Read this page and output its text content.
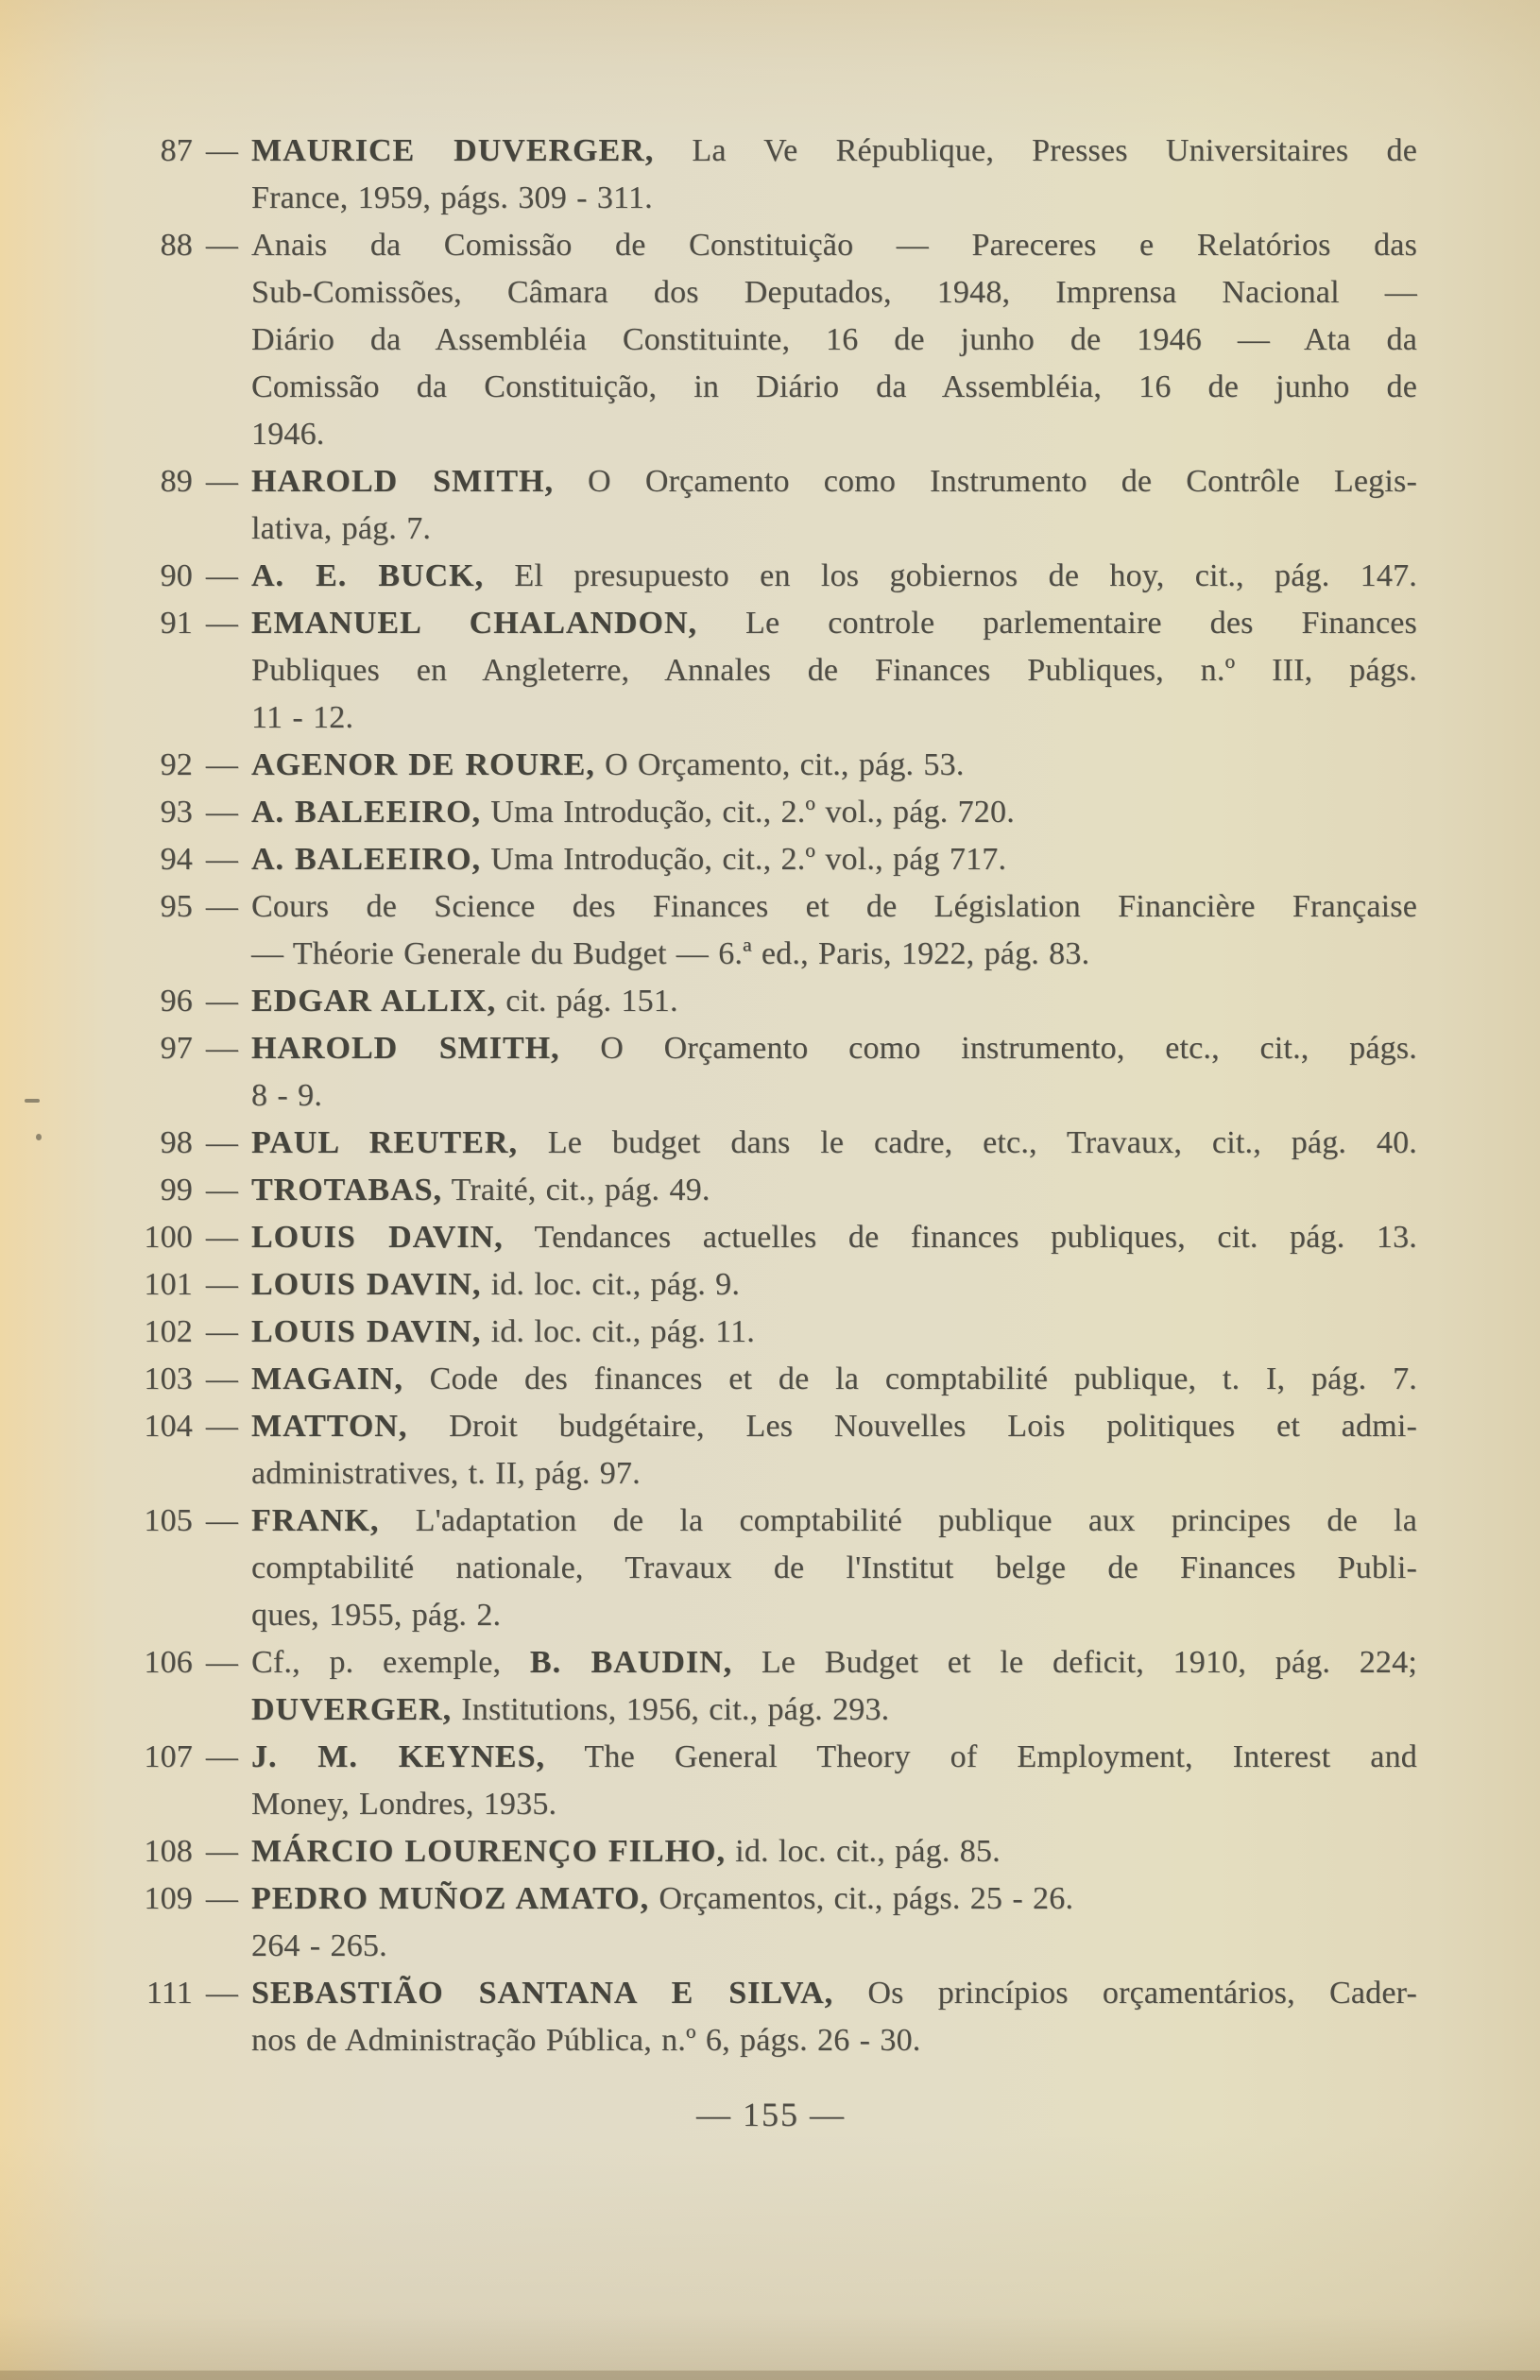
87 — MAURICE DUVERGER, La Ve République, Presses Universitaires de
France, 1959, págs. 309 - 311.
88 — Anais da Comissão de Constituição — Pareceres e Relatórios das
Sub-Comissões, Câmara dos Deputados, 1948, Imprensa Nacional —
Diário da Assembléia Constituinte, 16 de junho de 1946 — Ata da
Comissão da Constituição, in Diário da Assembléia, 16 de junho de
1946.
89 — HAROLD SMITH, O Orçamento como Instrumento de Contrôle Legis-
lativa, pág. 7.
90 — A. E. BUCK, El presupuesto en los gobiernos de hoy, cit., pág. 147.
91 — EMANUEL CHALANDON, Le controle parlementaire des Finances
Publiques en Angleterre, Annales de Finances Publiques, n.º III, págs.
11 - 12.
92 — AGENOR DE ROURE, O Orçamento, cit., pág. 53.
93 — A. BALEEIRO, Uma Introdução, cit., 2.º vol., pág. 720.
94 — A. BALEEIRO, Uma Introdução, cit., 2.º vol., pág 717.
95 — Cours de Science des Finances et de Législation Financière Française
— Théorie Generale du Budget — 6.ª ed., Paris, 1922, pág. 83.
96 — EDGAR ALLIX, cit. pág. 151.
97 — HAROLD SMITH, O Orçamento como instrumento, etc., cit., págs.
8 - 9.
98 — PAUL REUTER, Le budget dans le cadre, etc., Travaux, cit., pág. 40.
99 — TROTABAS, Traité, cit., pág. 49.
100 — LOUIS DAVIN, Tendances actuelles de finances publiques, cit. pág. 13.
101 — LOUIS DAVIN, id. loc. cit., pág. 9.
102 — LOUIS DAVIN, id. loc. cit., pág. 11.
103 — MAGAIN, Code des finances et de la comptabilité publique, t. I, pág. 7.
104 — MATTON, Droit budgétaire, Les Nouvelles Lois politiques et admi-
administratives, t. II, pág. 97.
105 — FRANK, L'adaptation de la comptabilité publique aux principes de la
comptabilité nationale, Travaux de l'Institut belge de Finances Publi-
ques, 1955, pág. 2.
106 — Cf., p. exemple, B. BAUDIN, Le Budget et le deficit, 1910, pág. 224;
DUVERGER, Institutions, 1956, cit., pág. 293.
107 — J. M. KEYNES, The General Theory of Employment, Interest and
Money, Londres, 1935.
108 — MÁRCIO LOURENÇO FILHO, id. loc. cit., pág. 85.
109 — PEDRO MUÑOZ AMATO, Orçamentos, cit., págs. 25 - 26.
264 - 265.
111 — SEBASTIÃO SANTANA E SILVA, Os princípios orçamentários, Cader-
nos de Administração Pública, n.º 6, págs. 26 - 30.
— 155 —
